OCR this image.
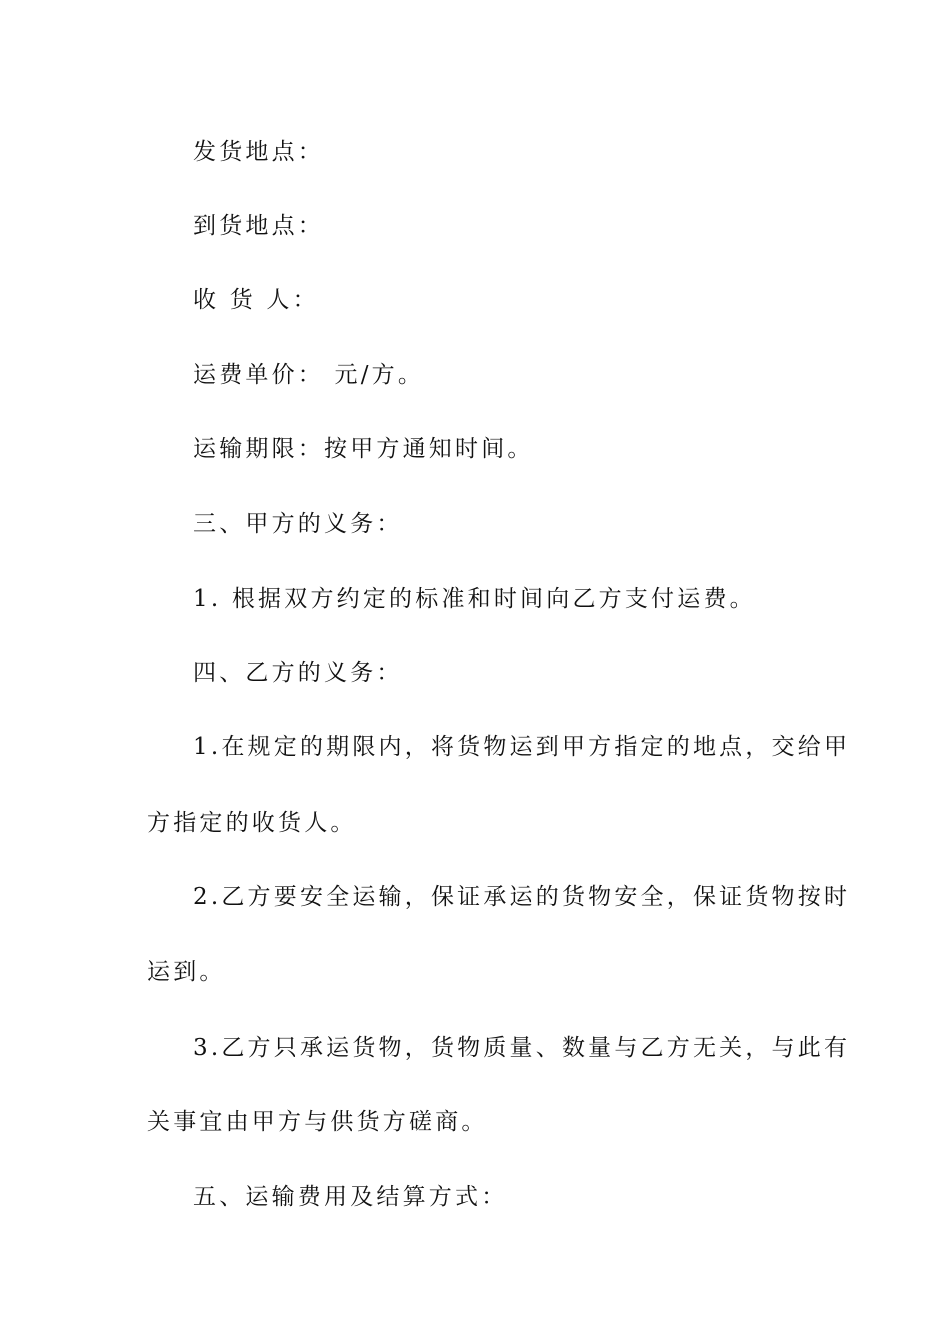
发货地点：
到货地点：
收 货 人：
运费单价： 元/方。
运输期限：按甲方通知时间。
三、甲方的义务：
1. 根据双方约定的标准和时间向乙方支付运费。
四、乙方的义务：
1.在规定的期限内，将货物运到甲方指定的地点，交给甲
方指定的收货人。
2.乙方要安全运输，保证承运的货物安全，保证货物按时
运到。
3.乙方只承运货物，货物质量、数量与乙方无关，与此有
关事宜由甲方与供货方磋商。
五、运输费用及结算方式：
